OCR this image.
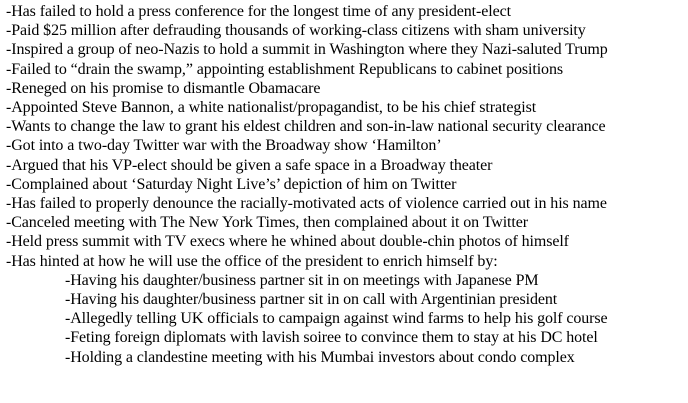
-Has failed to hold a press conference for the longest time of any president-elect
-Paid $25 million after defrauding thousands of working-class citizens with sham university
-Inspired a group of neo-Nazis to hold a summit in Washington where they Nazi-saluted Trump
-Failed to “drain the swamp,” appointing establishment Republicans to cabinet positions
-Reneged on his promise to dismantle Obamacare
-Appointed Steve Bannon, a white nationalist/propagandist, to be his chief strategist
-Wants to change the law to grant his eldest children and son-in-law national security clearance
-Got into a two-day Twitter war with the Broadway show ‘Hamilton’
-Argued that his VP-elect should be given a safe space in a Broadway theater
-Complained about ‘Saturday Night Live’s’ depiction of him on Twitter
-Has failed to properly denounce the racially-motivated acts of violence carried out in his name
-Canceled meeting with The New York Times, then complained about it on Twitter
-Held press summit with TV execs where he whined about double-chin photos of himself
-Has hinted at how he will use the office of the president to enrich himself by:
-Having his daughter/business partner sit in on meetings with Japanese PM
-Having his daughter/business partner sit in on call with Argentinian president
-Allegedly telling UK officials to campaign against wind farms to help his golf course
-Feting foreign diplomats with lavish soiree to convince them to stay at his DC hotel
-Holding a clandestine meeting with his Mumbai investors about condo complex
